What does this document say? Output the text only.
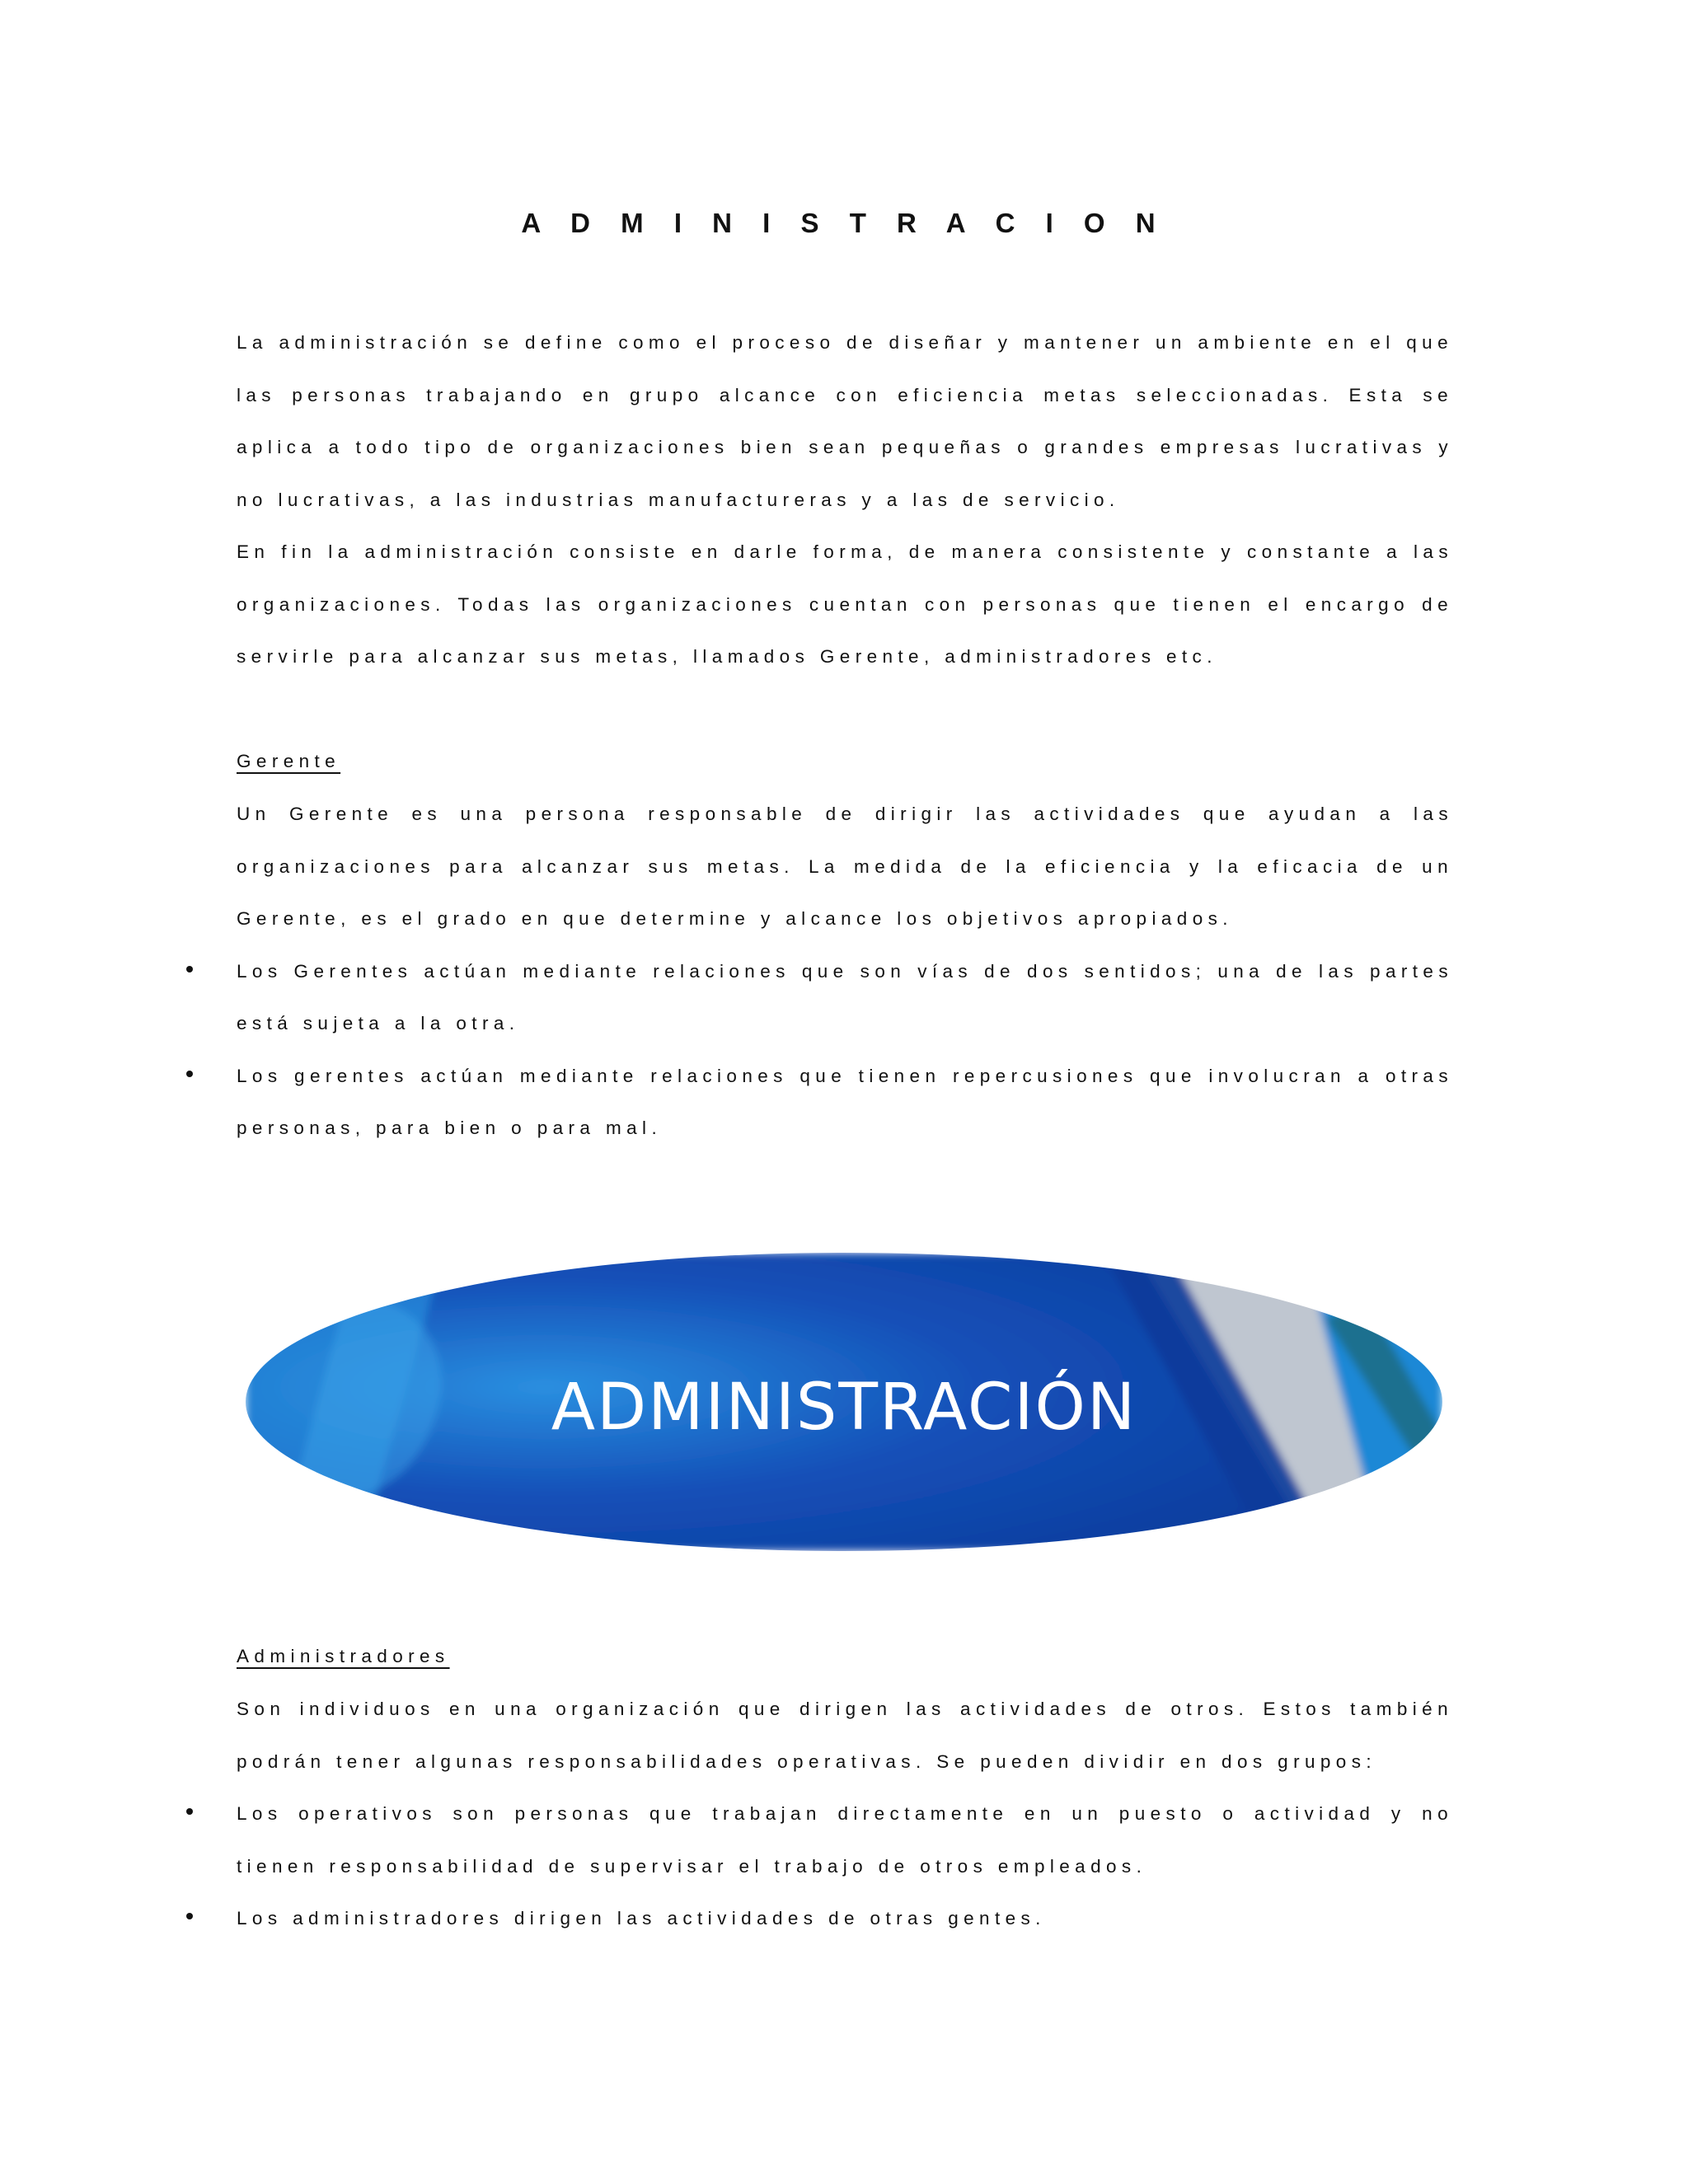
A D M I N I S T R A C I O N

La administración se define como el proceso de diseñar y mantener un ambiente en el que las personas trabajando en grupo alcance con eficiencia metas seleccionadas. Esta se aplica a todo tipo de organizaciones bien sean pequeñas o grandes empresas lucrativas y no lucrativas, a las industrias manufactureras y a las de servicio.

En fin la administración consiste en darle forma, de manera consistente y constante a las organizaciones. Todas las organizaciones cuentan con personas que tienen el encargo de servirle para alcanzar sus metas, llamados Gerente, administradores etc.

Gerente

Un Gerente es una persona responsable de dirigir las actividades que ayudan a las organizaciones para alcanzar sus metas. La medida de la eficiencia y la eficacia de un Gerente, es el grado en que determine y alcance los objetivos apropiados.

Los Gerentes actúan mediante relaciones que son vías de dos sentidos; una de las partes está sujeta a la otra.

Los gerentes actúan mediante relaciones que tienen repercusiones que involucran a otras personas, para bien o para mal.

ADMINISTRACIÓN

Administradores

Son individuos en una organización que dirigen las actividades de otros. Estos también podrán tener algunas responsabilidades operativas. Se pueden dividir en dos grupos:

Los operativos son personas que trabajan directamente en un puesto o actividad y no tienen responsabilidad de supervisar el trabajo de otros empleados.

Los administradores dirigen las actividades de otras gentes.
